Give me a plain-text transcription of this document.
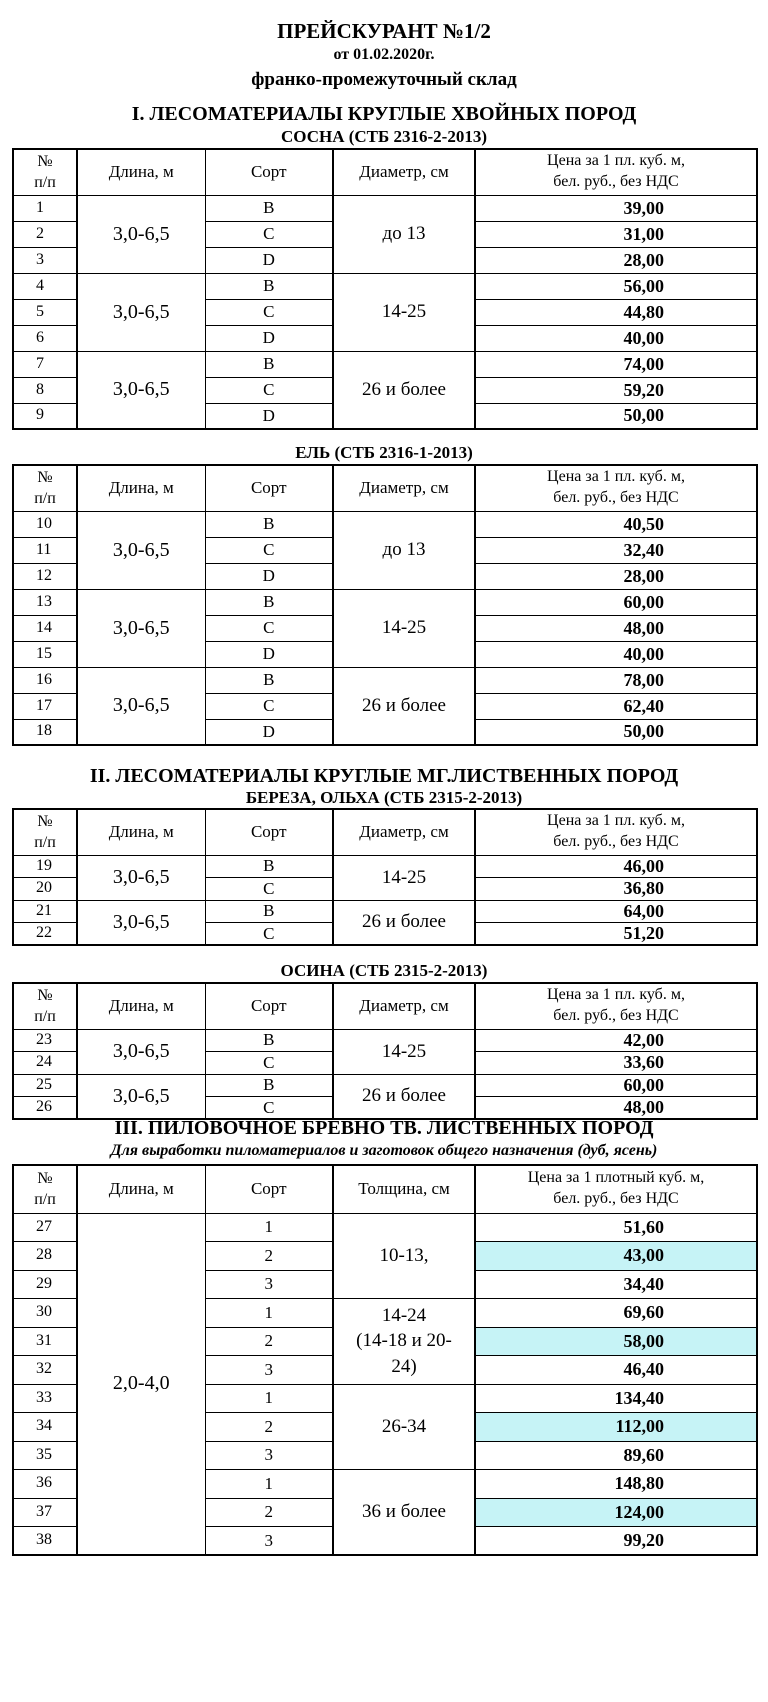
ПРЕЙСКУРАНТ №1/2
от 01.02.2020г.
франко-промежуточный склад
I. ЛЕСОМАТЕРИАЛЫ КРУГЛЫЕ ХВОЙНЫХ ПОРОД
СОСНА (СТБ 2316-2-2013)
№
п/п	Длина, м	Сорт	Диаметр, см	Цена за 1 пл. куб. м,
бел. руб., без НДС

1	3,0-6,5	B	до 13	39,00
2		C		31,00
3		D		28,00
4	3,0-6,5	B	14-25	56,00
5		C		44,80
6		D		40,00
7	3,0-6,5	B	26 и более	74,00
8		C		59,20
9		D		50,00
ЕЛЬ (СТБ 2316-1-2013)
№
п/п	Длина, м	Сорт	Диаметр, см	Цена за 1 пл. куб. м,
бел. руб., без НДС

10	3,0-6,5	B	до 13	40,50
11		C		32,40
12		D		28,00
13	3,0-6,5	B	14-25	60,00
14		C		48,00
15		D		40,00
16	3,0-6,5	B	26 и более	78,00
17		C		62,40
18		D		50,00
II. ЛЕСОМАТЕРИАЛЫ КРУГЛЫЕ МГ.ЛИСТВЕННЫХ ПОРОД
БЕРЕЗА, ОЛЬХА (СТБ 2315-2-2013)
№
п/п	Длина, м	Сорт	Диаметр, см	Цена за 1 пл. куб. м,
бел. руб., без НДС

19	3,0-6,5	B	14-25	46,00
20		C		36,80
21	3,0-6,5	B	26 и более	64,00
22		C		51,20
ОСИНА (СТБ 2315-2-2013)
№
п/п	Длина, м	Сорт	Диаметр, см	Цена за 1 пл. куб. м,
бел. руб., без НДС

23	3,0-6,5	B	14-25	42,00
24		C		33,60
25	3,0-6,5	B	26 и более	60,00
26		C		48,00
III. ПИЛОВОЧНОЕ БРЕВНО ТВ. ЛИСТВЕННЫХ ПОРОД
Для выработки пиломатериалов и заготовок общего назначения (дуб, ясень)
№
п/п	Длина, м	Сорт	Толщина, см	Цена за 1 плотный куб. м,
бел. руб., без НДС

27	2,0-4,0	1	10-13,	51,60
28		2		43,00
29		3		34,40
30		1	14-24
(14-18 и 20-
24)	69,60
31		2		58,00
32		3		46,40
33		1	26-34	134,40
34		2		112,00
35		3		89,60
36		1	36 и более	148,80
37		2		124,00
38		3		99,20
